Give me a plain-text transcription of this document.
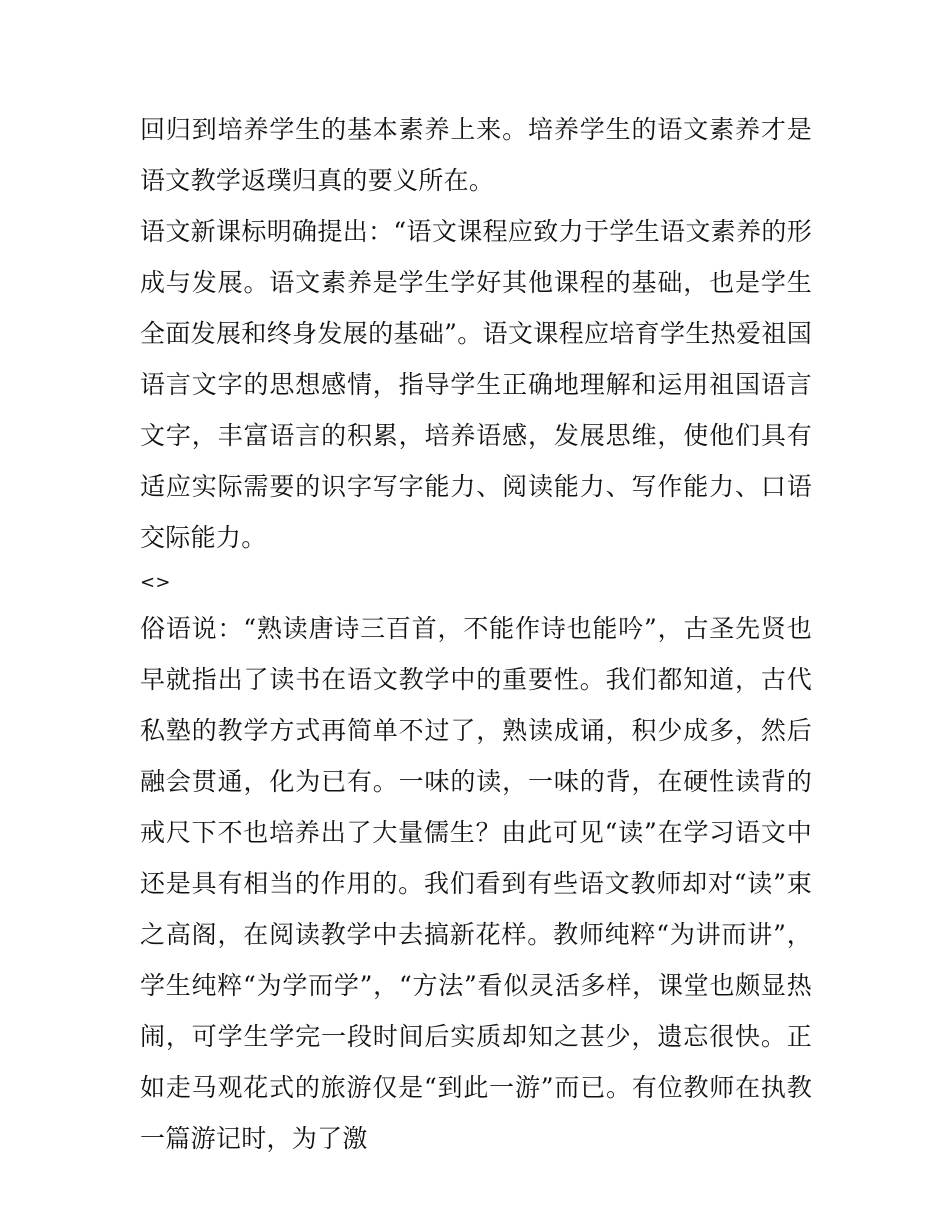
回归到培养学生的基本素养上来。培养学生的语文素养才是语文教学返璞归真的要义所在。

语文新课标明确提出：“语文课程应致力于学生语文素养的形成与发展。语文素养是学生学好其他课程的基础，也是学生全面发展和终身发展的基础”。语文课程应培育学生热爱祖国语言文字的思想感情，指导学生正确地理解和运用祖国语言文字，丰富语言的积累，培养语感，发展思维，使他们具有适应实际需要的识字写字能力、阅读能力、写作能力、口语交际能力。

<>

俗语说：“熟读唐诗三百首，不能作诗也能吟”，古圣先贤也早就指出了读书在语文教学中的重要性。我们都知道，古代私塾的教学方式再简单不过了，熟读成诵，积少成多，然后融会贯通，化为已有。一味的读，一味的背，在硬性读背的戒尺下不也培养出了大量儒生？由此可见“读”在学习语文中还是具有相当的作用的。我们看到有些语文教师却对“读”束之高阁，在阅读教学中去搞新花样。教师纯粹“为讲而讲”，学生纯粹“为学而学”，“方法”看似灵活多样，课堂也颇显热闹，可学生学完一段时间后实质却知之甚少，遗忘很快。正如走马观花式的旅游仅是“到此一游”而已。有位教师在执教一篇游记时，为了激
